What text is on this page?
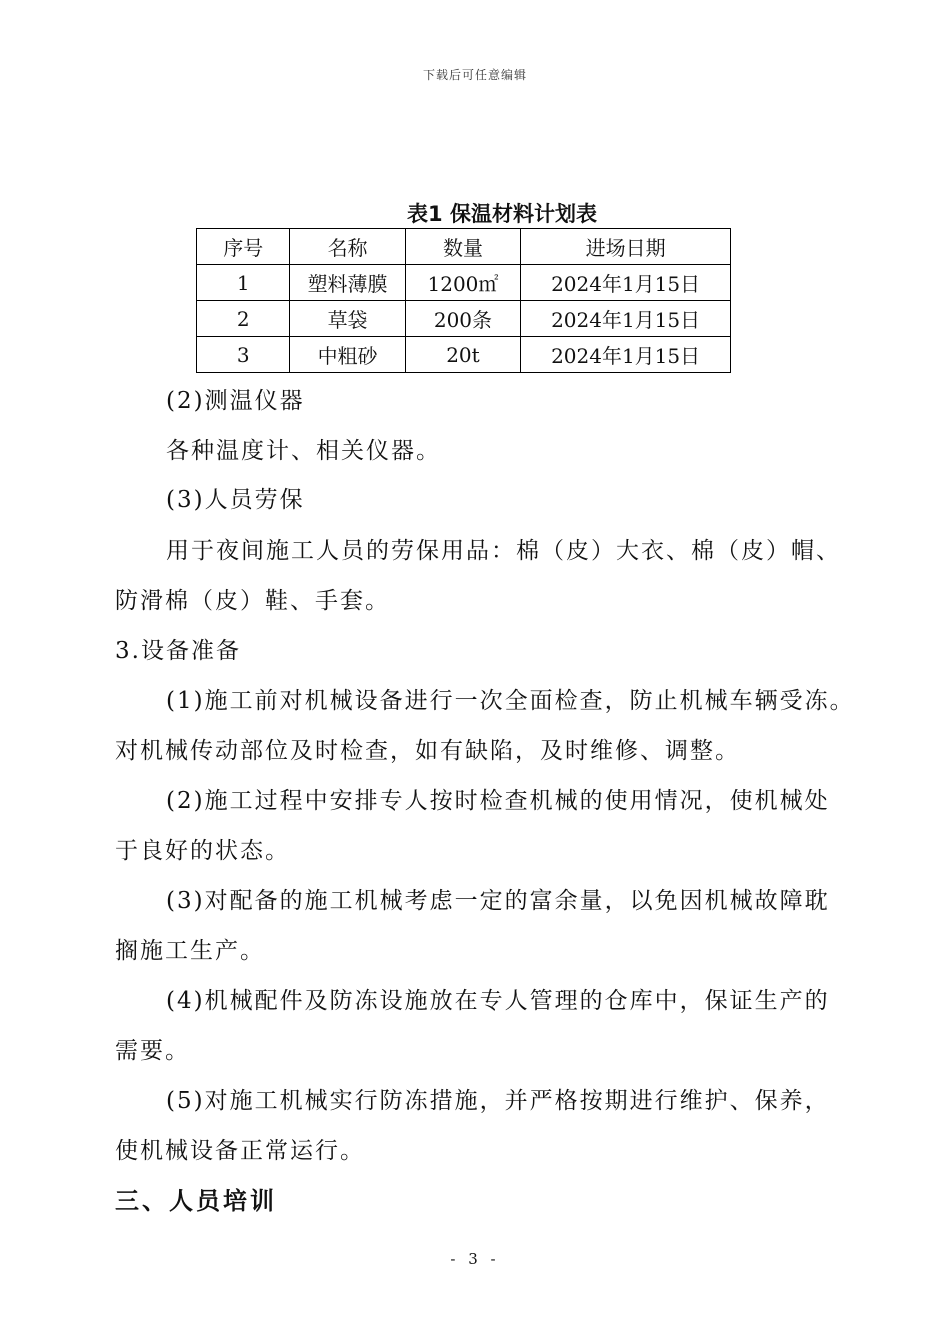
下载后可任意编辑
表1 保温材料计划表
序号	名称	数量	进场日期
1	塑料薄膜	1200㎡	2024年1月15日
2	草袋	200条	2024年1月15日
3	中粗砂	20t	2024年1月15日
(2)测温仪器
各种温度计、相关仪器。
(3)人员劳保
用于夜间施工人员的劳保用品：棉（皮）大衣、棉（皮）帽、
防滑棉（皮）鞋、手套。
3.设备准备
(1)施工前对机械设备进行一次全面检查，防止机械车辆受冻。
对机械传动部位及时检查，如有缺陷，及时维修、调整。
(2)施工过程中安排专人按时检查机械的使用情况，使机械处
于良好的状态。
(3)对配备的施工机械考虑一定的富余量，以免因机械故障耽
搁施工生产。
(4)机械配件及防冻设施放在专人管理的仓库中，保证生产的
需要。
(5)对施工机械实行防冻措施，并严格按期进行维护、保养，
使机械设备正常运行。
三、人员培训
- 3 -
